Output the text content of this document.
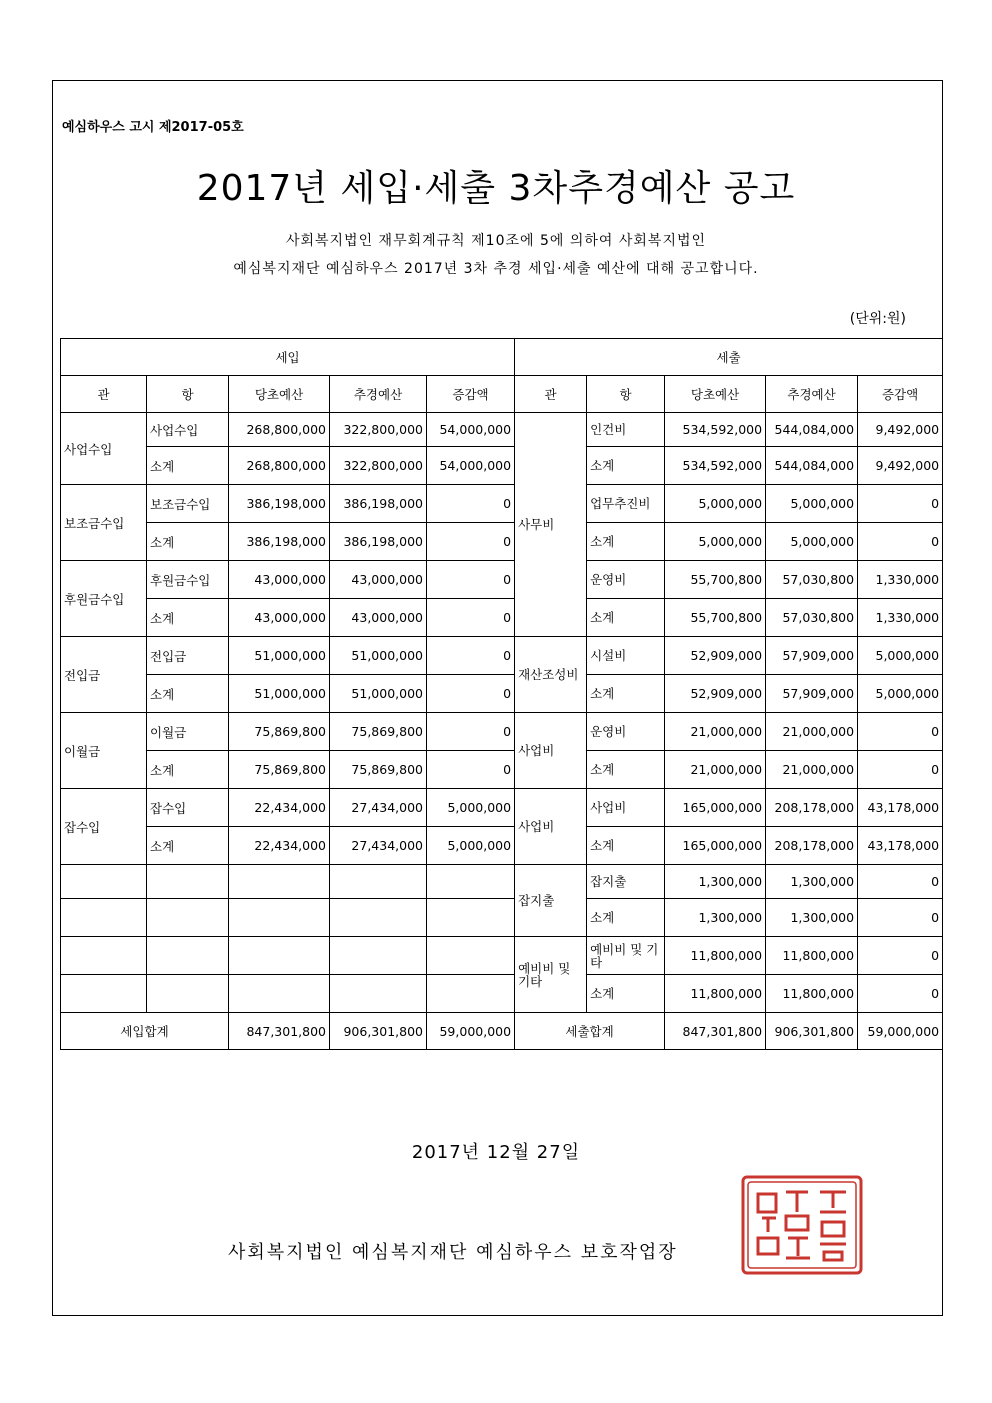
예심하우스 고시 제2017-05호
2017년 세입·세출 3차추경예산 공고
사회복지법인 재무회계규칙 제10조에 5에 의하여 사회복지법인
예심복지재단 예심하우스 2017년 3차 추경 세입·세출 예산에 대해 공고합니다.
(단위:원)
세입					세출				
관	항	당초예산	추경예산	증감액	관	항	당초예산	추경예산	증감액
사업수입	사업수입	268,800,000	322,800,000	54,000,000	사무비	인건비	534,592,000	544,084,000	9,492,000
	소계	268,800,000	322,800,000	54,000,000		소계	534,592,000	544,084,000	9,492,000
보조금수입	보조금수입	386,198,000	386,198,000	0		업무추진비	5,000,000	5,000,000	0
	소계	386,198,000	386,198,000	0		소계	5,000,000	5,000,000	0
후원금수입	후원금수입	43,000,000	43,000,000	0		운영비	55,700,800	57,030,800	1,330,000
	소계	43,000,000	43,000,000	0		소계	55,700,800	57,030,800	1,330,000
전입금	전입금	51,000,000	51,000,000	0	재산조성비	시설비	52,909,000	57,909,000	5,000,000
	소계	51,000,000	51,000,000	0		소계	52,909,000	57,909,000	5,000,000
이월금	이월금	75,869,800	75,869,800	0	사업비	운영비	21,000,000	21,000,000	0
	소계	75,869,800	75,869,800	0		소계	21,000,000	21,000,000	0
잡수입	잡수입	22,434,000	27,434,000	5,000,000	사업비	사업비	165,000,000	208,178,000	43,178,000
	소계	22,434,000	27,434,000	5,000,000		소계	165,000,000	208,178,000	43,178,000
					잡지출	잡지출	1,300,000	1,300,000	0
						소계	1,300,000	1,300,000	0
					예비비 및 기타	예비비 및 기타	11,800,000	11,800,000	0
						소계	11,800,000	11,800,000	0
세입합계		847,301,800	906,301,800	59,000,000	세출합계		847,301,800	906,301,800	59,000,000
2017년 12월 27일
사회복지법인 예심복지재단 예심하우스 보호작업장
